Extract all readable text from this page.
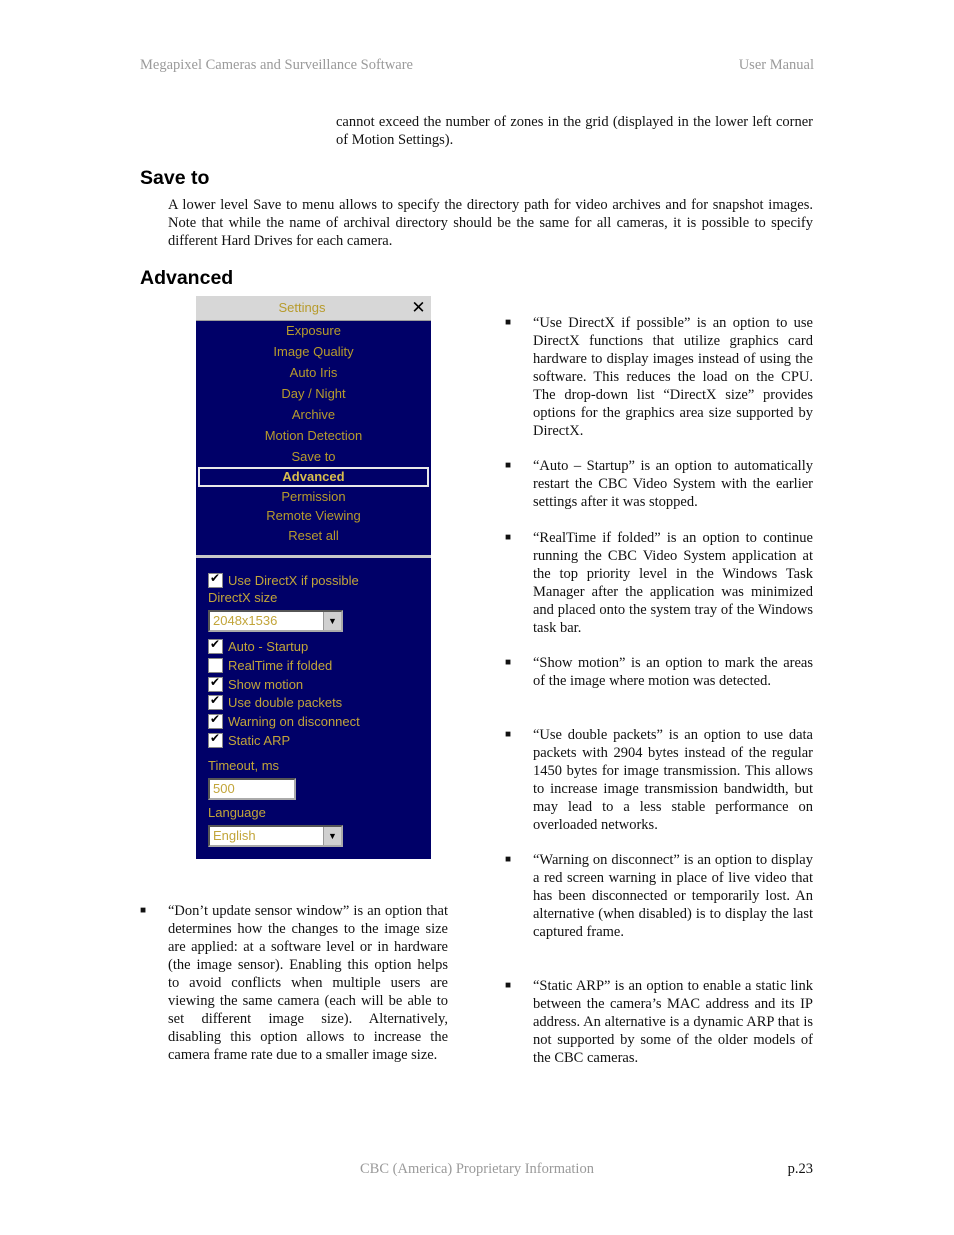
Megapixel Cameras and Surveillance Software	User Manual
cannot exceed the number of zones in the grid (displayed in the lower left corner of Motion Settings).
Save to
A lower level Save to menu allows to specify the directory path for video archives and for snapshot images. Note that while the name of archival directory should be the same for all cameras, it is possible to specify different Hard Drives for each camera.
Advanced
Settings	✕
Exposure
Image Quality
Auto Iris
Day / Night
Archive
Motion Detection
Save to
Advanced
Permission
Remote Viewing
Reset all
✔
Use DirectX if possible
DirectX size
2048x1536	▼
✔
Auto - Startup
RealTime if folded
✔
Show motion
✔
Use double packets
✔
Warning on disconnect
✔
Static ARP
Timeout, ms
500
Language
English	▼
■ “Don’t update sensor window” is an option that determines how the changes to the image size are applied: at a software level or in hardware (the image sensor). Enabling this option helps to avoid conflicts when multiple users are viewing the same camera (each will be able to set different image size). Alternatively, disabling this option allows to increase the camera frame rate due to a smaller image size.
■ “Use DirectX if possible” is an option to use DirectX functions that utilize graphics card hardware to display images instead of using the software. This reduces the load on the CPU. The drop-down list “DirectX size” provides options for the graphics area size supported by DirectX.
■ “Auto – Startup” is an option to automatically restart the CBC Video System with the earlier settings after it was stopped.
■ “RealTime if folded” is an option to continue running the CBC Video System application at the top priority level in the Windows Task Manager after the application was minimized and placed onto the system tray of the Windows task bar.
■ “Show motion” is an option to mark the areas of the image where motion was detected.
■ “Use double packets” is an option to use data packets with 2904 bytes instead of the regular 1450 bytes for image transmission. This allows to increase image transmission bandwidth, but may lead to a less stable performance on overloaded networks.
■ “Warning on disconnect” is an option to display a red screen warning in place of live video that has been disconnected or temporarily lost. An alternative (when disabled) is to display the last captured frame.
■ “Static ARP” is an option to enable a static link between the camera’s MAC address and its IP address. An alternative is a dynamic ARP that is not supported by some of the older models of the CBC cameras.
CBC (America) Proprietary Information	p.23
